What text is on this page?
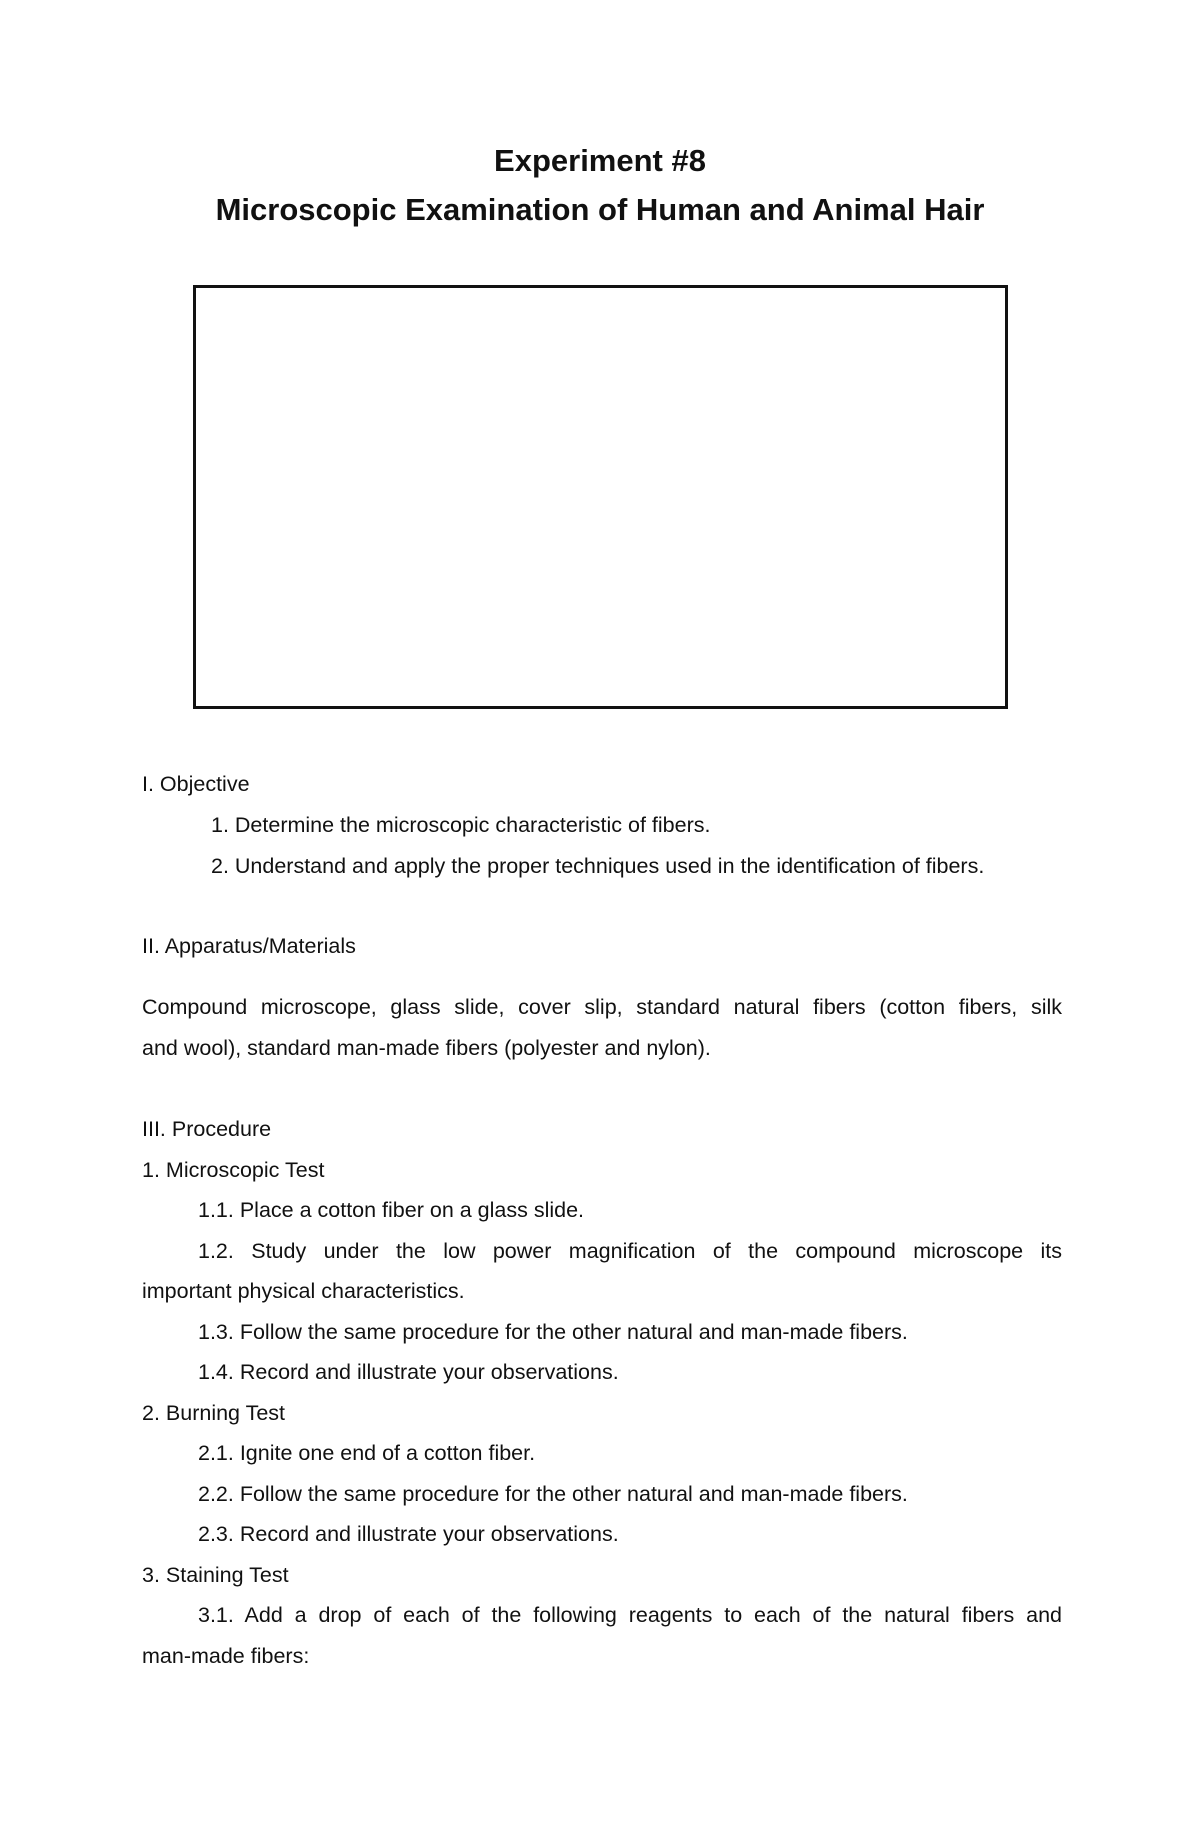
Experiment #8
Microscopic Examination of Human and Animal Hair
I. Objective
1. Determine the microscopic characteristic of fibers.
2. Understand and apply the proper techniques used in the identification of fibers.
II. Apparatus/Materials
Compound microscope, glass slide, cover slip, standard natural fibers (cotton fibers, silk
and wool), standard man-made fibers (polyester and nylon).
III. Procedure
1. Microscopic Test
1.1. Place a cotton fiber on a glass slide.
1.2. Study under the low power magnification of the compound microscope its
important physical characteristics.
1.3. Follow the same procedure for the other natural and man-made fibers.
1.4. Record and illustrate your observations.
2. Burning Test
2.1. Ignite one end of a cotton fiber.
2.2. Follow the same procedure for the other natural and man-made fibers.
2.3. Record and illustrate your observations.
3. Staining Test
3.1. Add a drop of each of the following reagents to each of the natural fibers and
man-made fibers:
